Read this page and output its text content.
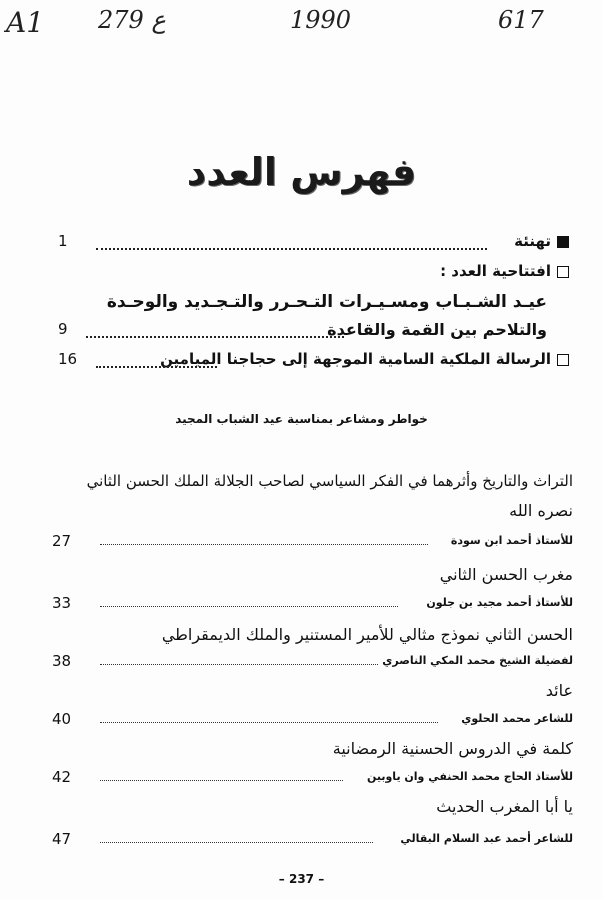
A1 279 ع	1990	617
فهرس العدد
تهنئة
1
افتتاحية العدد :
عيـد الشـبـاب ومسـيـرات التـحـرر والتـجـديد والوحـدة
والتلاحم بين القمة والقاعدة
9
الرسالة الملكية السامية الموجهة إلى حجاجنا الميامين
16
خواطر ومشاعر بمناسبة عيد الشباب المجيد
التراث والتاريخ وأثرهما في الفكر السياسي لصاحب الجلالة الملك الحسن الثاني
نصره الله
للأستاذ أحمد ابن سودة
27
مغرب الحسن الثاني
للأستاذ أحمد مجيد بن جلون
33
الحسن الثاني نموذج مثالي للأمير المستنير والملك الديمقراطي
لفضيلة الشيخ محمد المكي الناصري
38
عائد
للشاعر محمد الحلوي
40
كلمة في الدروس الحسنية الرمضانية
للأستاذ الحاج محمد الحنفي وان ياوبين
42
يا أبا المغرب الحديث
للشاعر أحمد عبد السلام البقالي
47
– 237 –
